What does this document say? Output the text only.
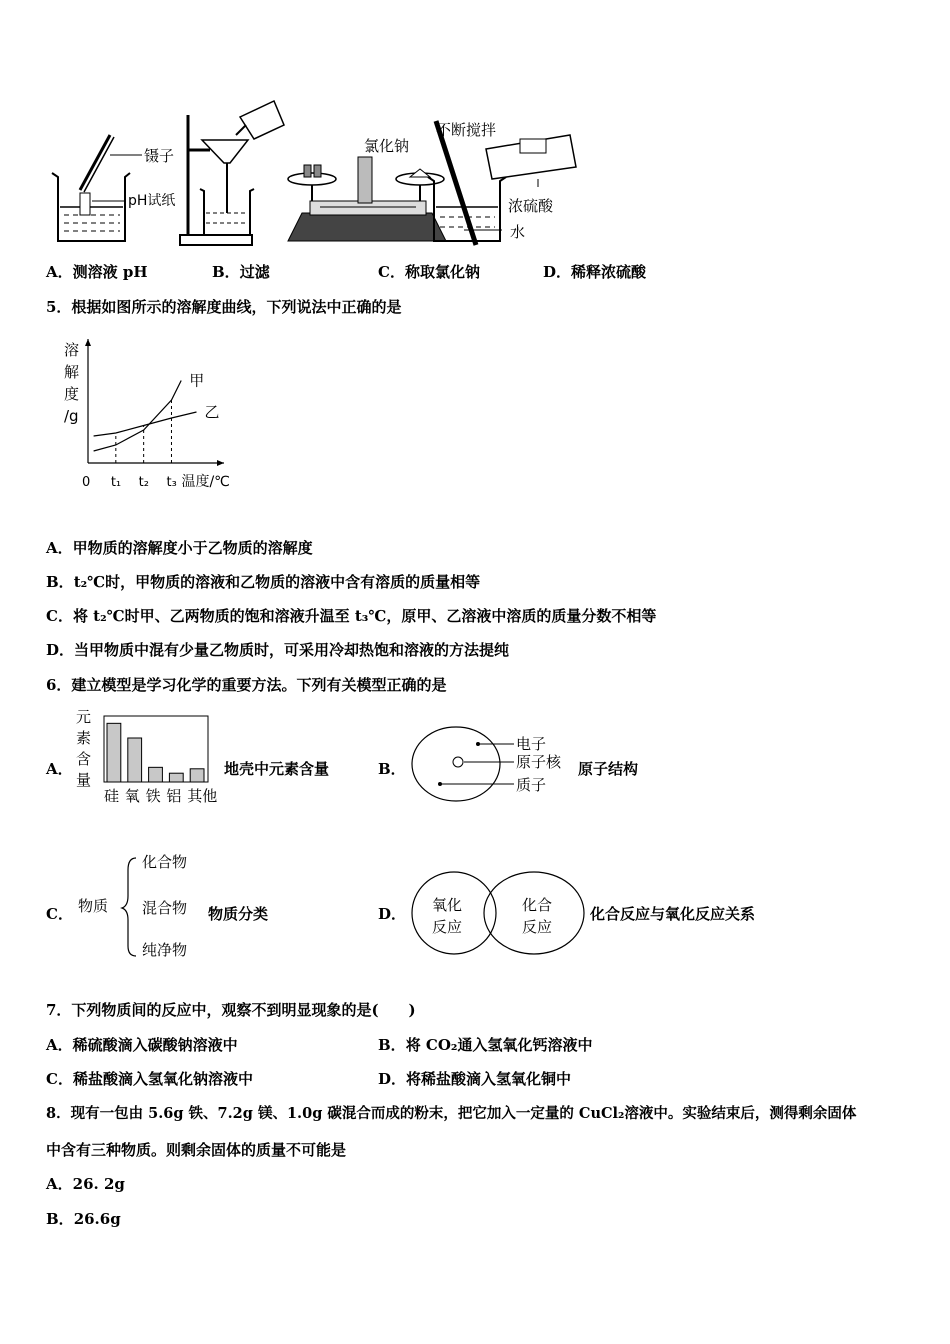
镊子
pH试纸
氯化钠
不断搅拌
浓硫酸
水
A．测溶液 pH	B．过滤	C．称取氯化钠	D．稀释浓硫酸
5．根据如图所示的溶解度曲线，下列说法中正确的是
溶
解
度
/g
甲
乙
0 t₁ t₂ t₃ 温度/℃
A．甲物质的溶解度小于乙物质的溶解度
B．t₂℃时，甲物质的溶液和乙物质的溶液中含有溶质的质量相等
C．将 t₂℃时甲、乙两物质的饱和溶液升温至 t₃℃，原甲、乙溶液中溶质的质量分数不相等
D．当甲物质中混有少量乙物质时，可采用冷却热饱和溶液的方法提纯
6．建立模型是学习化学的重要方法。下列有关模型正确的是
A．
元
素
含
量
硅 氧 铁 铝 其他
地壳中元素含量	B．
电子
原子核
质子
原子结构
C． 物质
化合物
混合物
纯净物
物质分类	D． 氧化
反应
化合
反应
化合反应与氧化反应关系
7．下列物质间的反应中，观察不到明显现象的是(　　)
A．稀硫酸滴入碳酸钠溶液中	B．将 CO₂通入氢氧化钙溶液中
C．稀盐酸滴入氢氧化钠溶液中	D．将稀盐酸滴入氢氧化铜中
8．现有一包由 5.6g 铁、7.2g 镁、1.0g 碳混合而成的粉末，把它加入一定量的 CuCl₂溶液中。实验结束后，测得剩余固体
中含有三种物质。则剩余固体的质量不可能是
A．26. 2g
B．26.6g
